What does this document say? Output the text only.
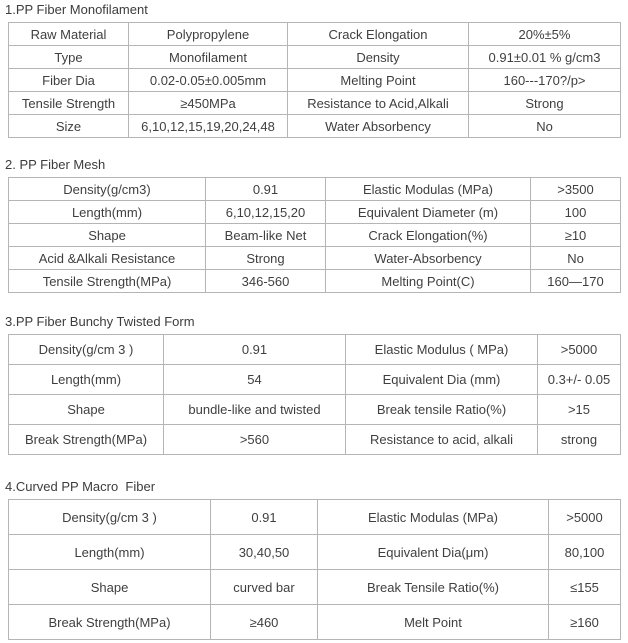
1.PP Fiber Monofilament
Raw Material	Polypropylene	Crack Elongation	20%±5%
Type	Monofilament	Density	0.91±0.01 % g/cm3
Fiber Dia	0.02-0.05±0.005mm	Melting Point	160---170?/p>
Tensile Strength	≥450MPa	Resistance to Acid,Alkali	Strong
Size	6,10,12,15,19,20,24,48	Water Absorbency	No
2. PP Fiber Mesh
Density(g/cm3)	0.91	Elastic Modulas (MPa)	>3500
Length(mm)	6,10,12,15,20	Equivalent Diameter (m)	100
Shape	Beam-like Net	Crack Elongation(%)	≥10
Acid &Alkali Resistance	Strong	Water-Absorbency	No
Tensile Strength(MPa)	346-560	Melting Point(C)	160—170
3.PP Fiber Bunchy Twisted Form
Density(g/cm 3 )	0.91	Elastic Modulus ( MPa)	>5000
Length(mm)	54	Equivalent Dia (mm)	0.3+/- 0.05
Shape	bundle-like and twisted	Break tensile Ratio(%)	>15
Break Strength(MPa)	>560	Resistance to acid, alkali	strong
4.Curved PP Macro  Fiber
Density(g/cm 3 )	0.91	Elastic Modulas (MPa)	>5000
Length(mm)	30,40,50	Equivalent Dia(μm)	80,100
Shape	curved bar	Break Tensile Ratio(%)	≤155
Break Strength(MPa)	≥460	Melt Point	≥160
